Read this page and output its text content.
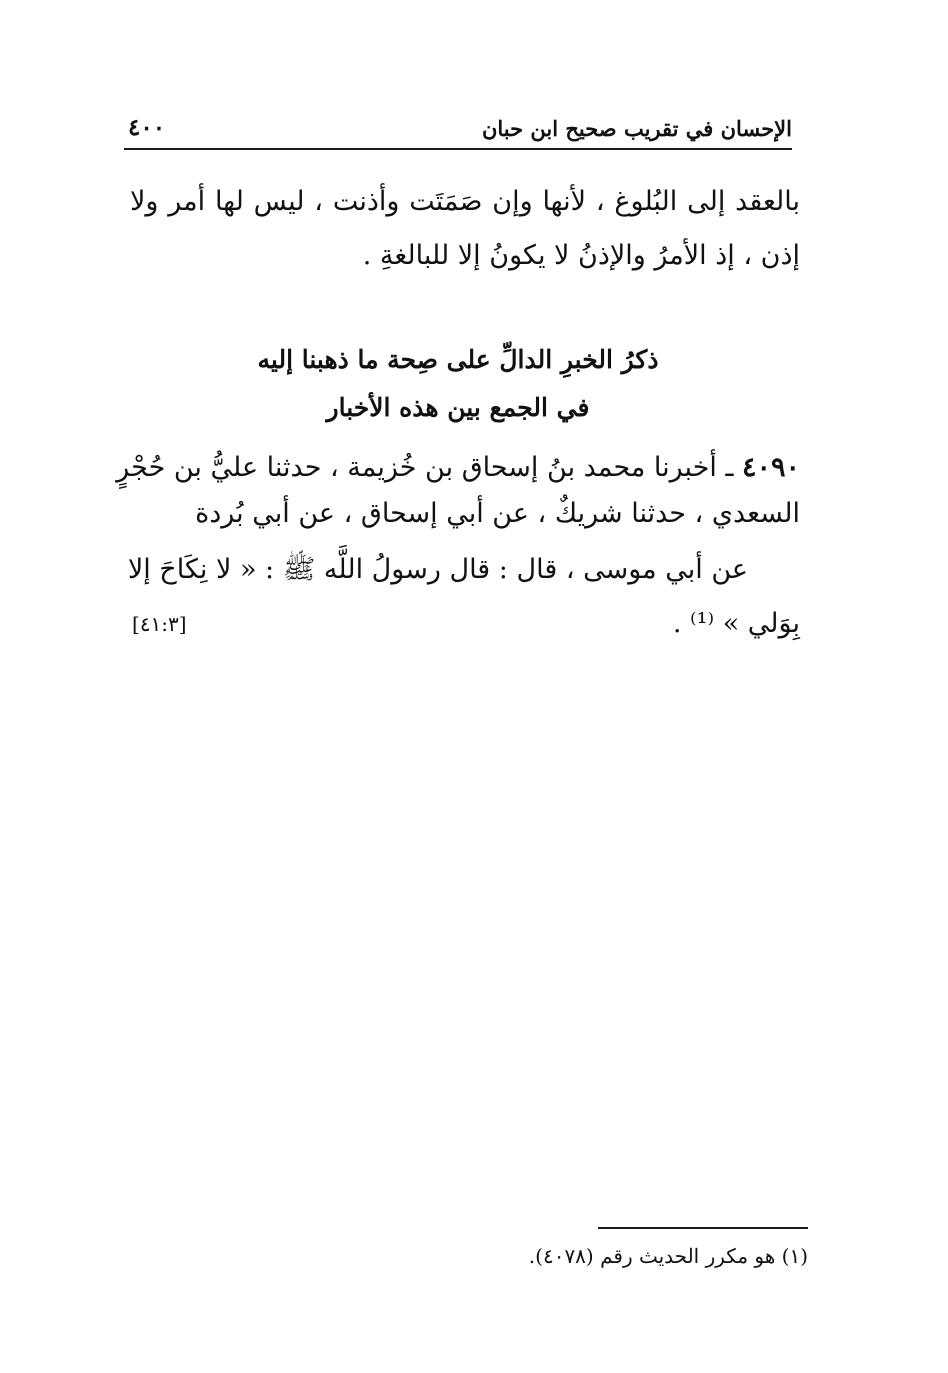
الإحسان في تقريب صحيح ابن حبان
٤٠٠
بالعقد إلى البُلوغ ، لأنها وإن صَمَتَت وأذنت ، ليس لها أمر ولا
إذن ، إذ الأمرُ والإذنُ لا يكونُ إلا للبالغةِ .
ذكرُ الخبرِ الدالِّ على صِحة ما ذهبنا إليه
في الجمع بين هذه الأخبار
٤٠٩٠ ـ أخبرنا محمد بنُ إسحاق بن خُزيمة ، حدثنا عليُّ بن حُجْرٍ
السعدي ، حدثنا شريكٌ ، عن أبي إسحاق ، عن أبي بُردة
عن أبي موسى ، قال : قال رسولُ اللَّه ﷺ : « لا نِكَاحَ إلا
بِوَلي » ⁽¹⁾ .
[٤١:٣]
(١) هو مكرر الحديث رقم (٤٠٧٨).
